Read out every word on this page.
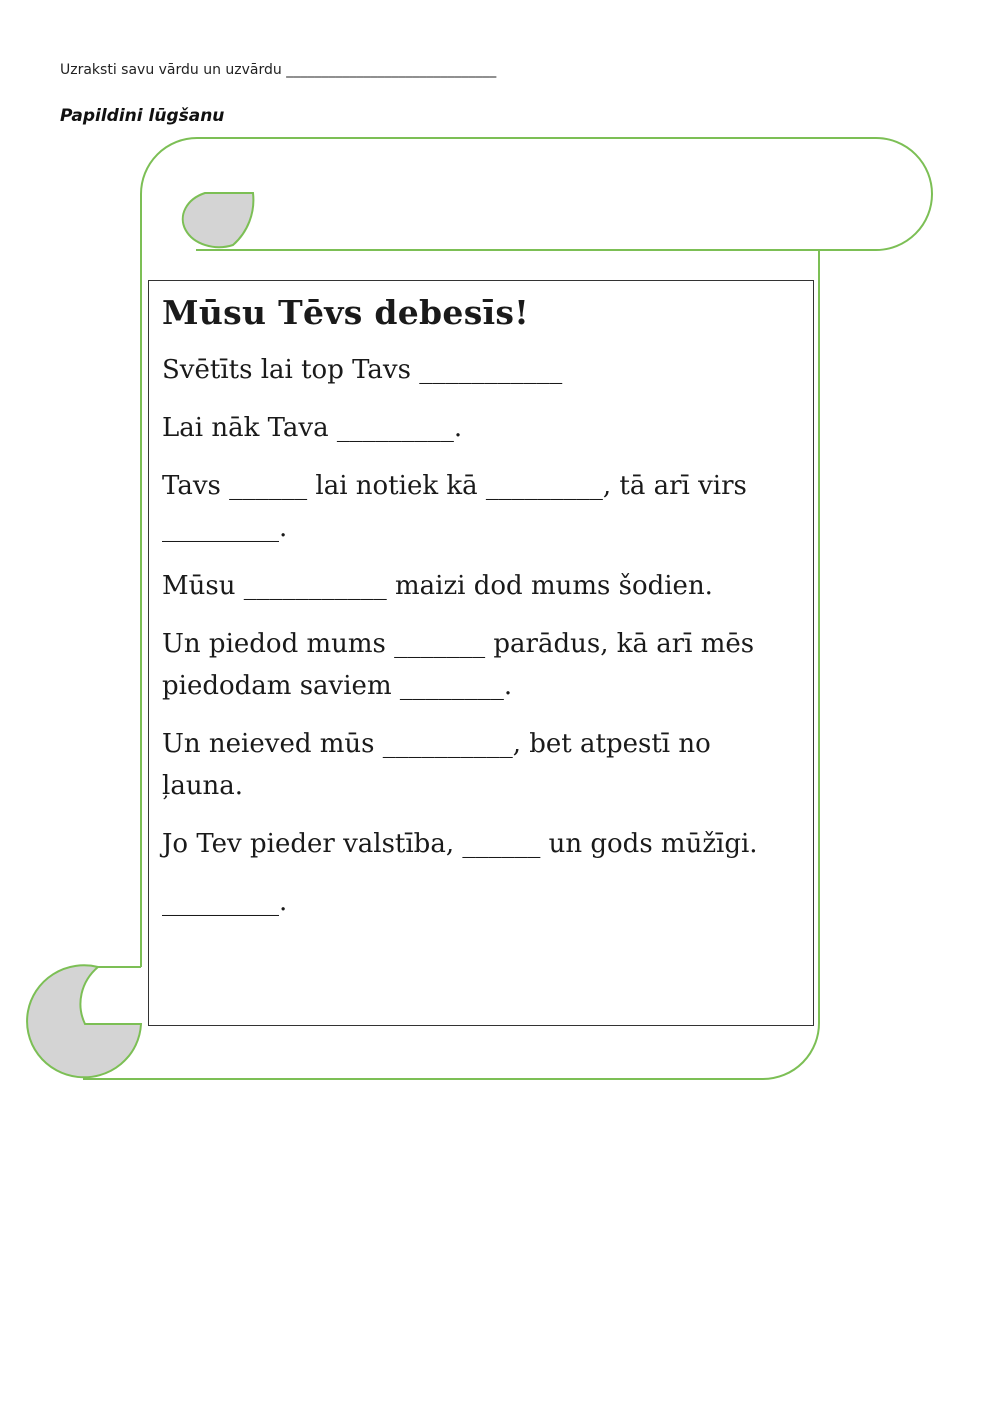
Uzraksti savu vārdu un uzvārdu ______________________________
Papildini lūgšanu
Mūsu Tēvs debesīs!
Svētīts lai top Tavs ___________
Lai nāk Tava _________.
Tavs ______ lai notiek kā _________, tā arī virs _________.
Mūsu ___________ maizi dod mums šodien.
Un piedod mums _______ parādus, kā arī mēs piedodam saviem ________.
Un neieved mūs __________, bet atpestī no ļauna.
Jo Tev pieder valstība, ______ un gods mūžīgi.
_________.
